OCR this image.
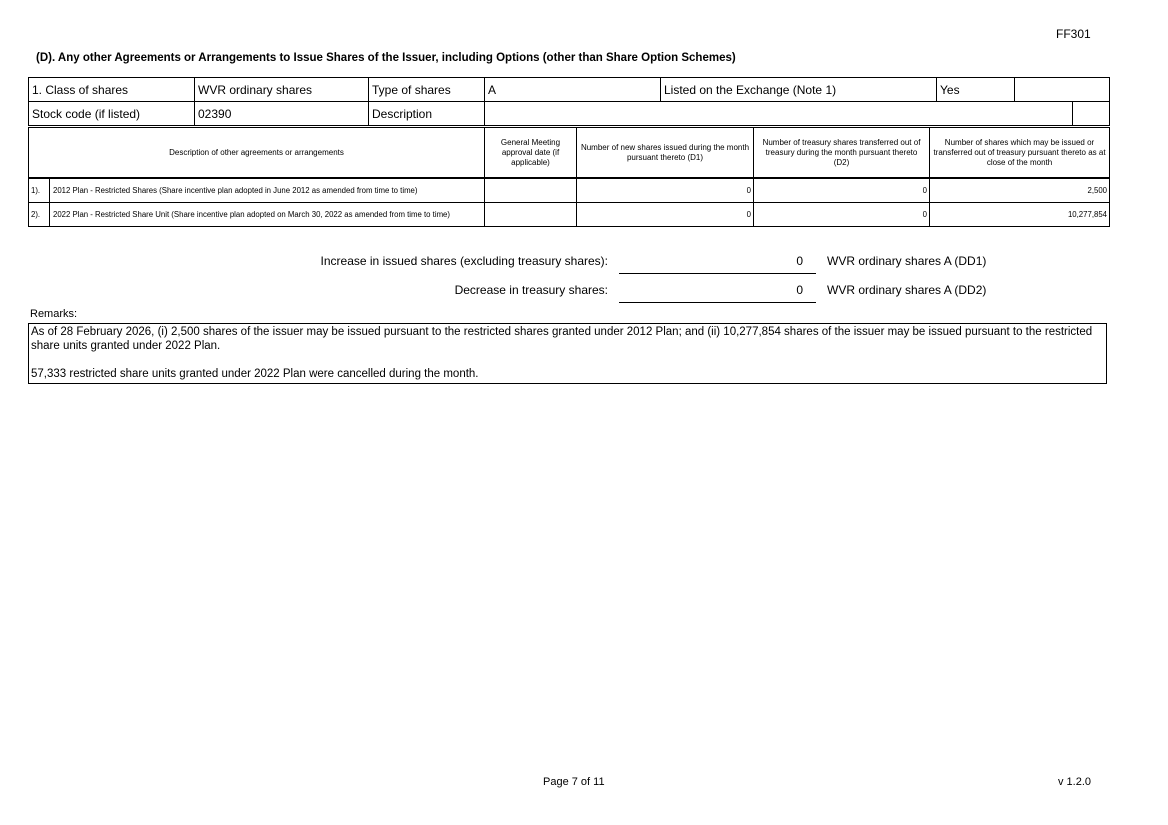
FF301
(D). Any other Agreements or Arrangements to Issue Shares of the Issuer, including Options (other than Share Option Schemes)
1. Class of shares	WVR ordinary shares	Type of shares	A	Listed on the Exchange (Note 1)	Yes		
Stock code (if listed)	02390	Description					
Description of other agreements or arrangements	General Meeting approval date (if applicable)	Number of new shares issued during the month pursuant thereto (D1)	Number of treasury shares transferred out of treasury during the month pursuant thereto (D2)	Number of shares which may be issued or transferred out of treasury pursuant thereto as at close of the month
1).	2012 Plan - Restricted Shares (Share incentive plan adopted in June 2012 as amended from time to time)		0	0	2,500
2).	2022 Plan - Restricted Share Unit (Share incentive plan adopted on March 30, 2022 as amended from time to time)		0	0	10,277,854
Increase in issued shares (excluding treasury shares):	0 WVR ordinary shares A (DD1)
Decrease in treasury shares:	0 WVR ordinary shares A (DD2)
Remarks:
As of 28 February 2026, (i) 2,500 shares of the issuer may be issued pursuant to the restricted shares granted under 2012 Plan; and (ii) 10,277,854 shares of the issuer may be issued pursuant to the restricted share units granted under 2022 Plan.
57,333 restricted share units granted under 2022 Plan were cancelled during the month.
Page 7 of 11	v 1.2.0
